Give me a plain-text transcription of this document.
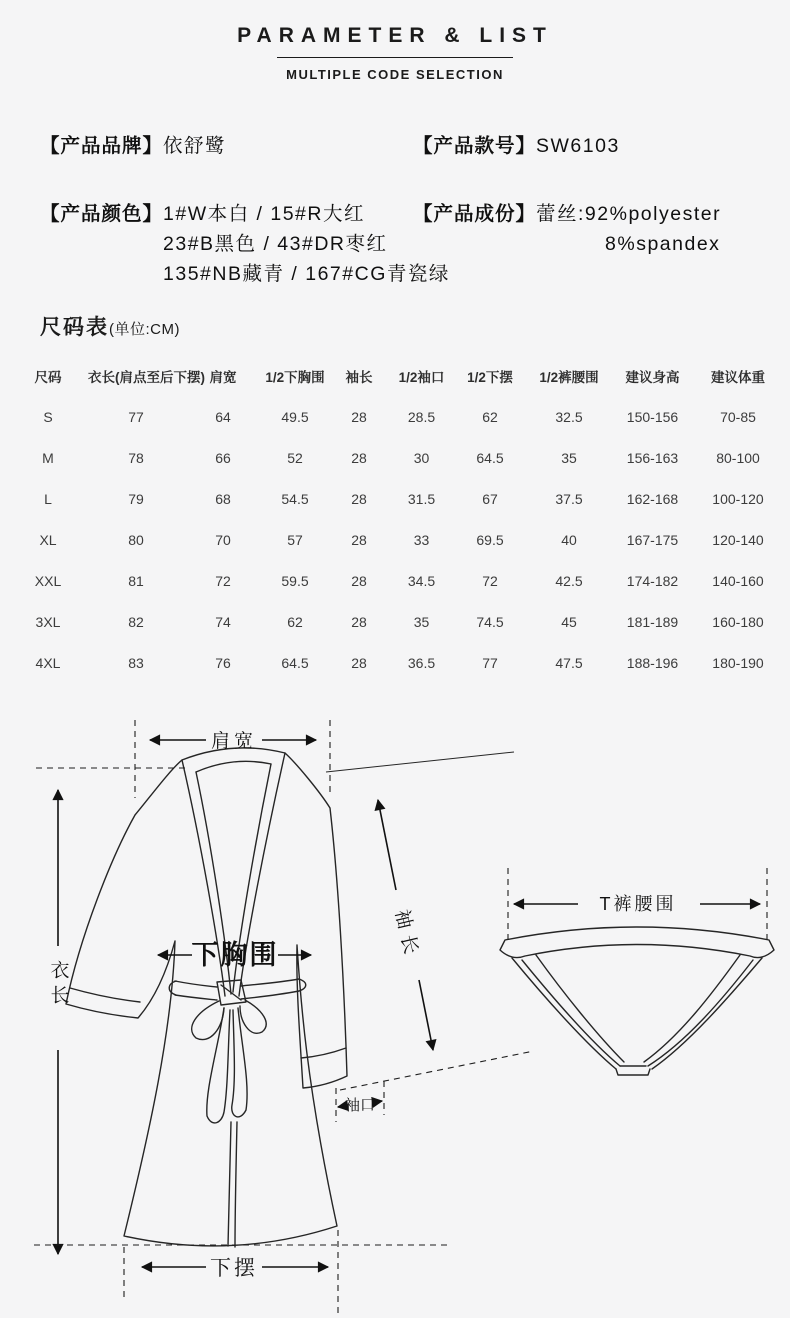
PARAMETER & LIST
MULTIPLE CODE SELECTION
【产品品牌】依舒鹭	【产品款号】SW6103
【产品颜色】 1#W本白 / 15#R大红
23#B黑色 / 43#DR枣红
135#NB藏青 / 167#CG青瓷绿
【产品成份】 蕾丝:92%polyester
8%spandex
尺码表(单位:CM)
尺码	衣长(肩点至后下摆)	肩宽	1/2下胸围	袖长	1/2袖口	1/2下摆	1/2裤腰围	建议身高	建议体重
S	77	64	49.5	28	28.5	62	32.5	150-156	70-85
M	78	66	52	28	30	64.5	35	156-163	80-100
L	79	68	54.5	28	31.5	67	37.5	162-168	100-120
XL	80	70	57	28	33	69.5	40	167-175	120-140
XXL	81	72	59.5	28	34.5	72	42.5	174-182	140-160
3XL	82	74	62	28	35	74.5	45	181-189	160-180
4XL	83	76	64.5	28	36.5	77	47.5	188-196	180-190
肩宽
衣长
下胸围	袖长
袖口
下摆
T裤腰围
